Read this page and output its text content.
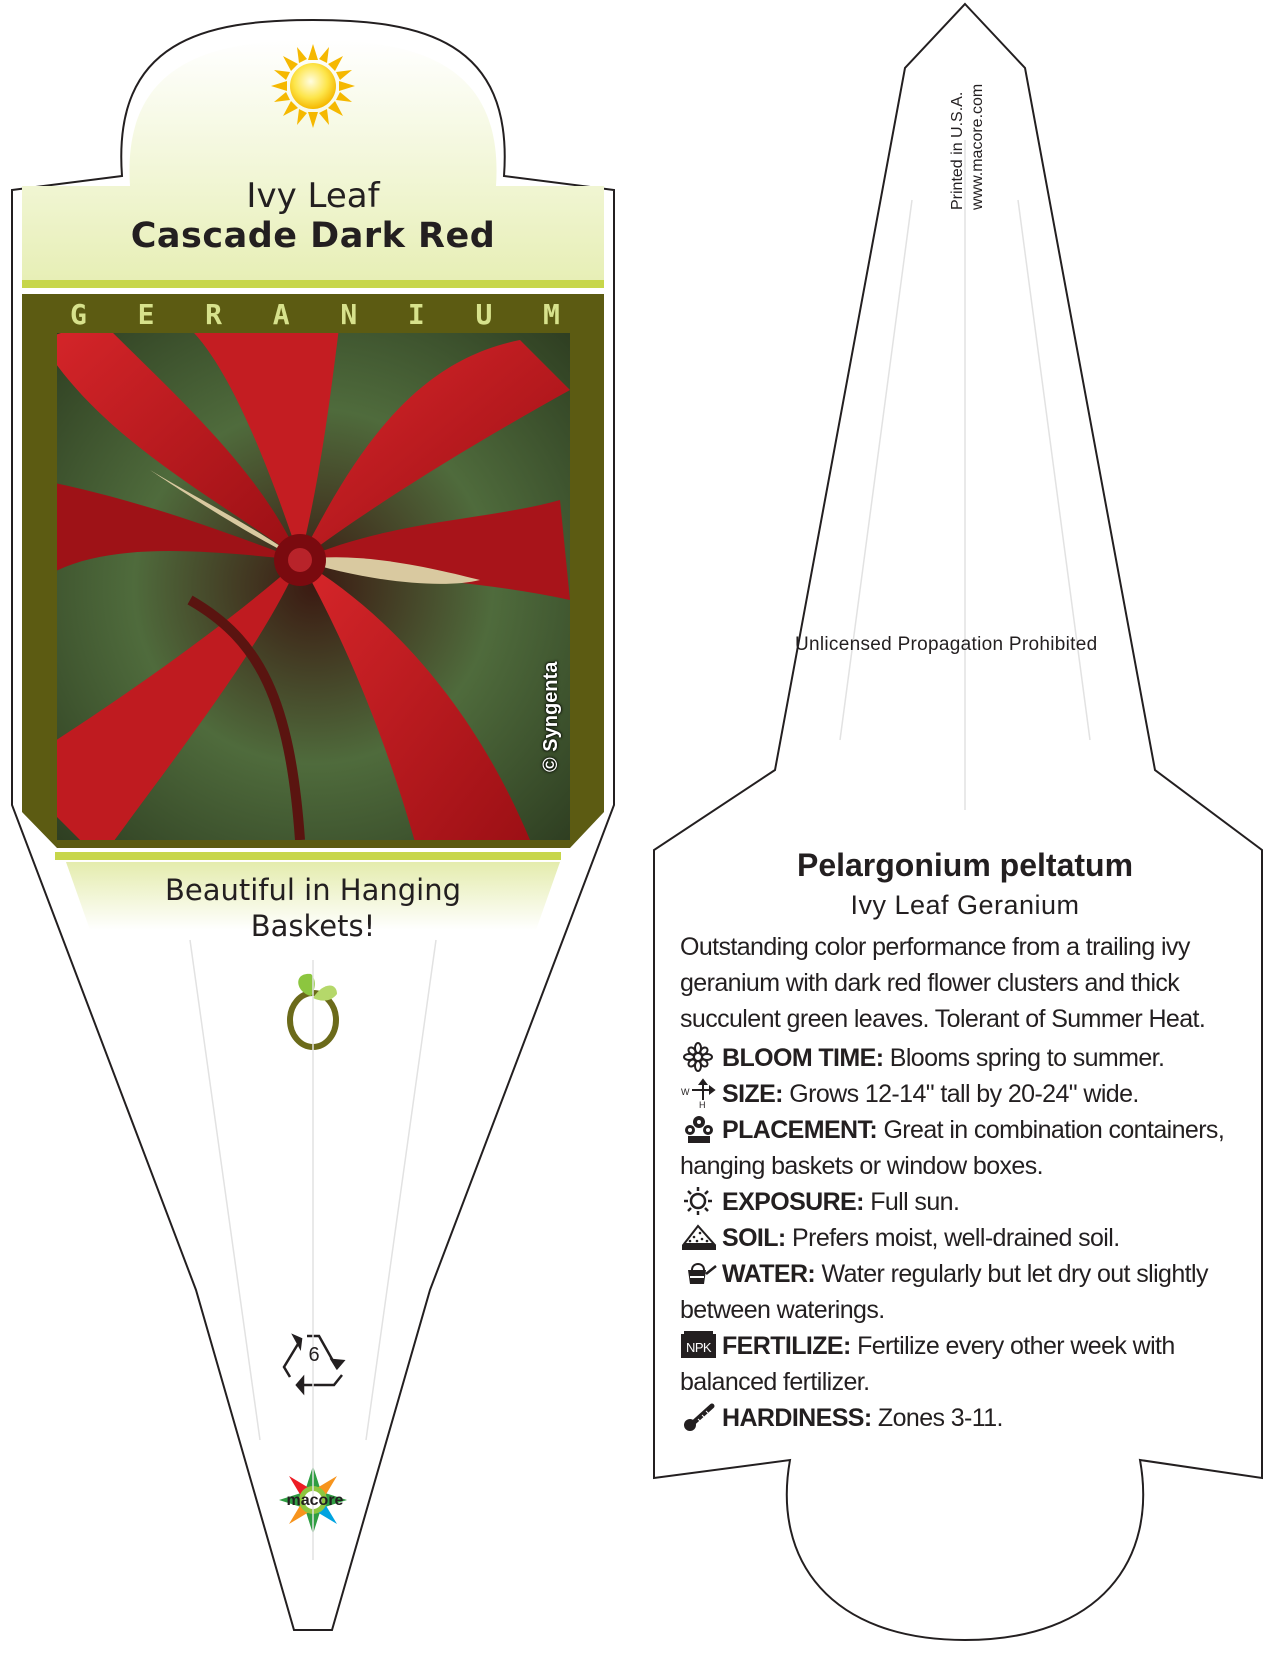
Ivy Leaf
Cascade Dark Red
G E R A N I U M
© Syngenta
Beautiful in Hanging Baskets!
6
macore
Printed in U.S.A. www.macore.com
Unlicensed Propagation Prohibited
Pelargonium peltatum
Ivy Leaf Geranium
Outstanding color performance from a trailing ivy geranium with dark red flower clusters and thick succulent green leaves. Tolerant of Summer Heat.
BLOOM TIME: Blooms spring to summer.
W
H SIZE: Grows 12-14" tall by 20-24" wide.
PLACEMENT: Great in combination containers, hanging baskets or window boxes.
EXPOSURE: Full sun.
SOIL: Prefers moist, well-drained soil.
WATER: Water regularly but let dry out slightly between waterings.
NPK FERTILIZE: Fertilize every other week with balanced fertilizer.
HARDINESS: Zones 3-11.
